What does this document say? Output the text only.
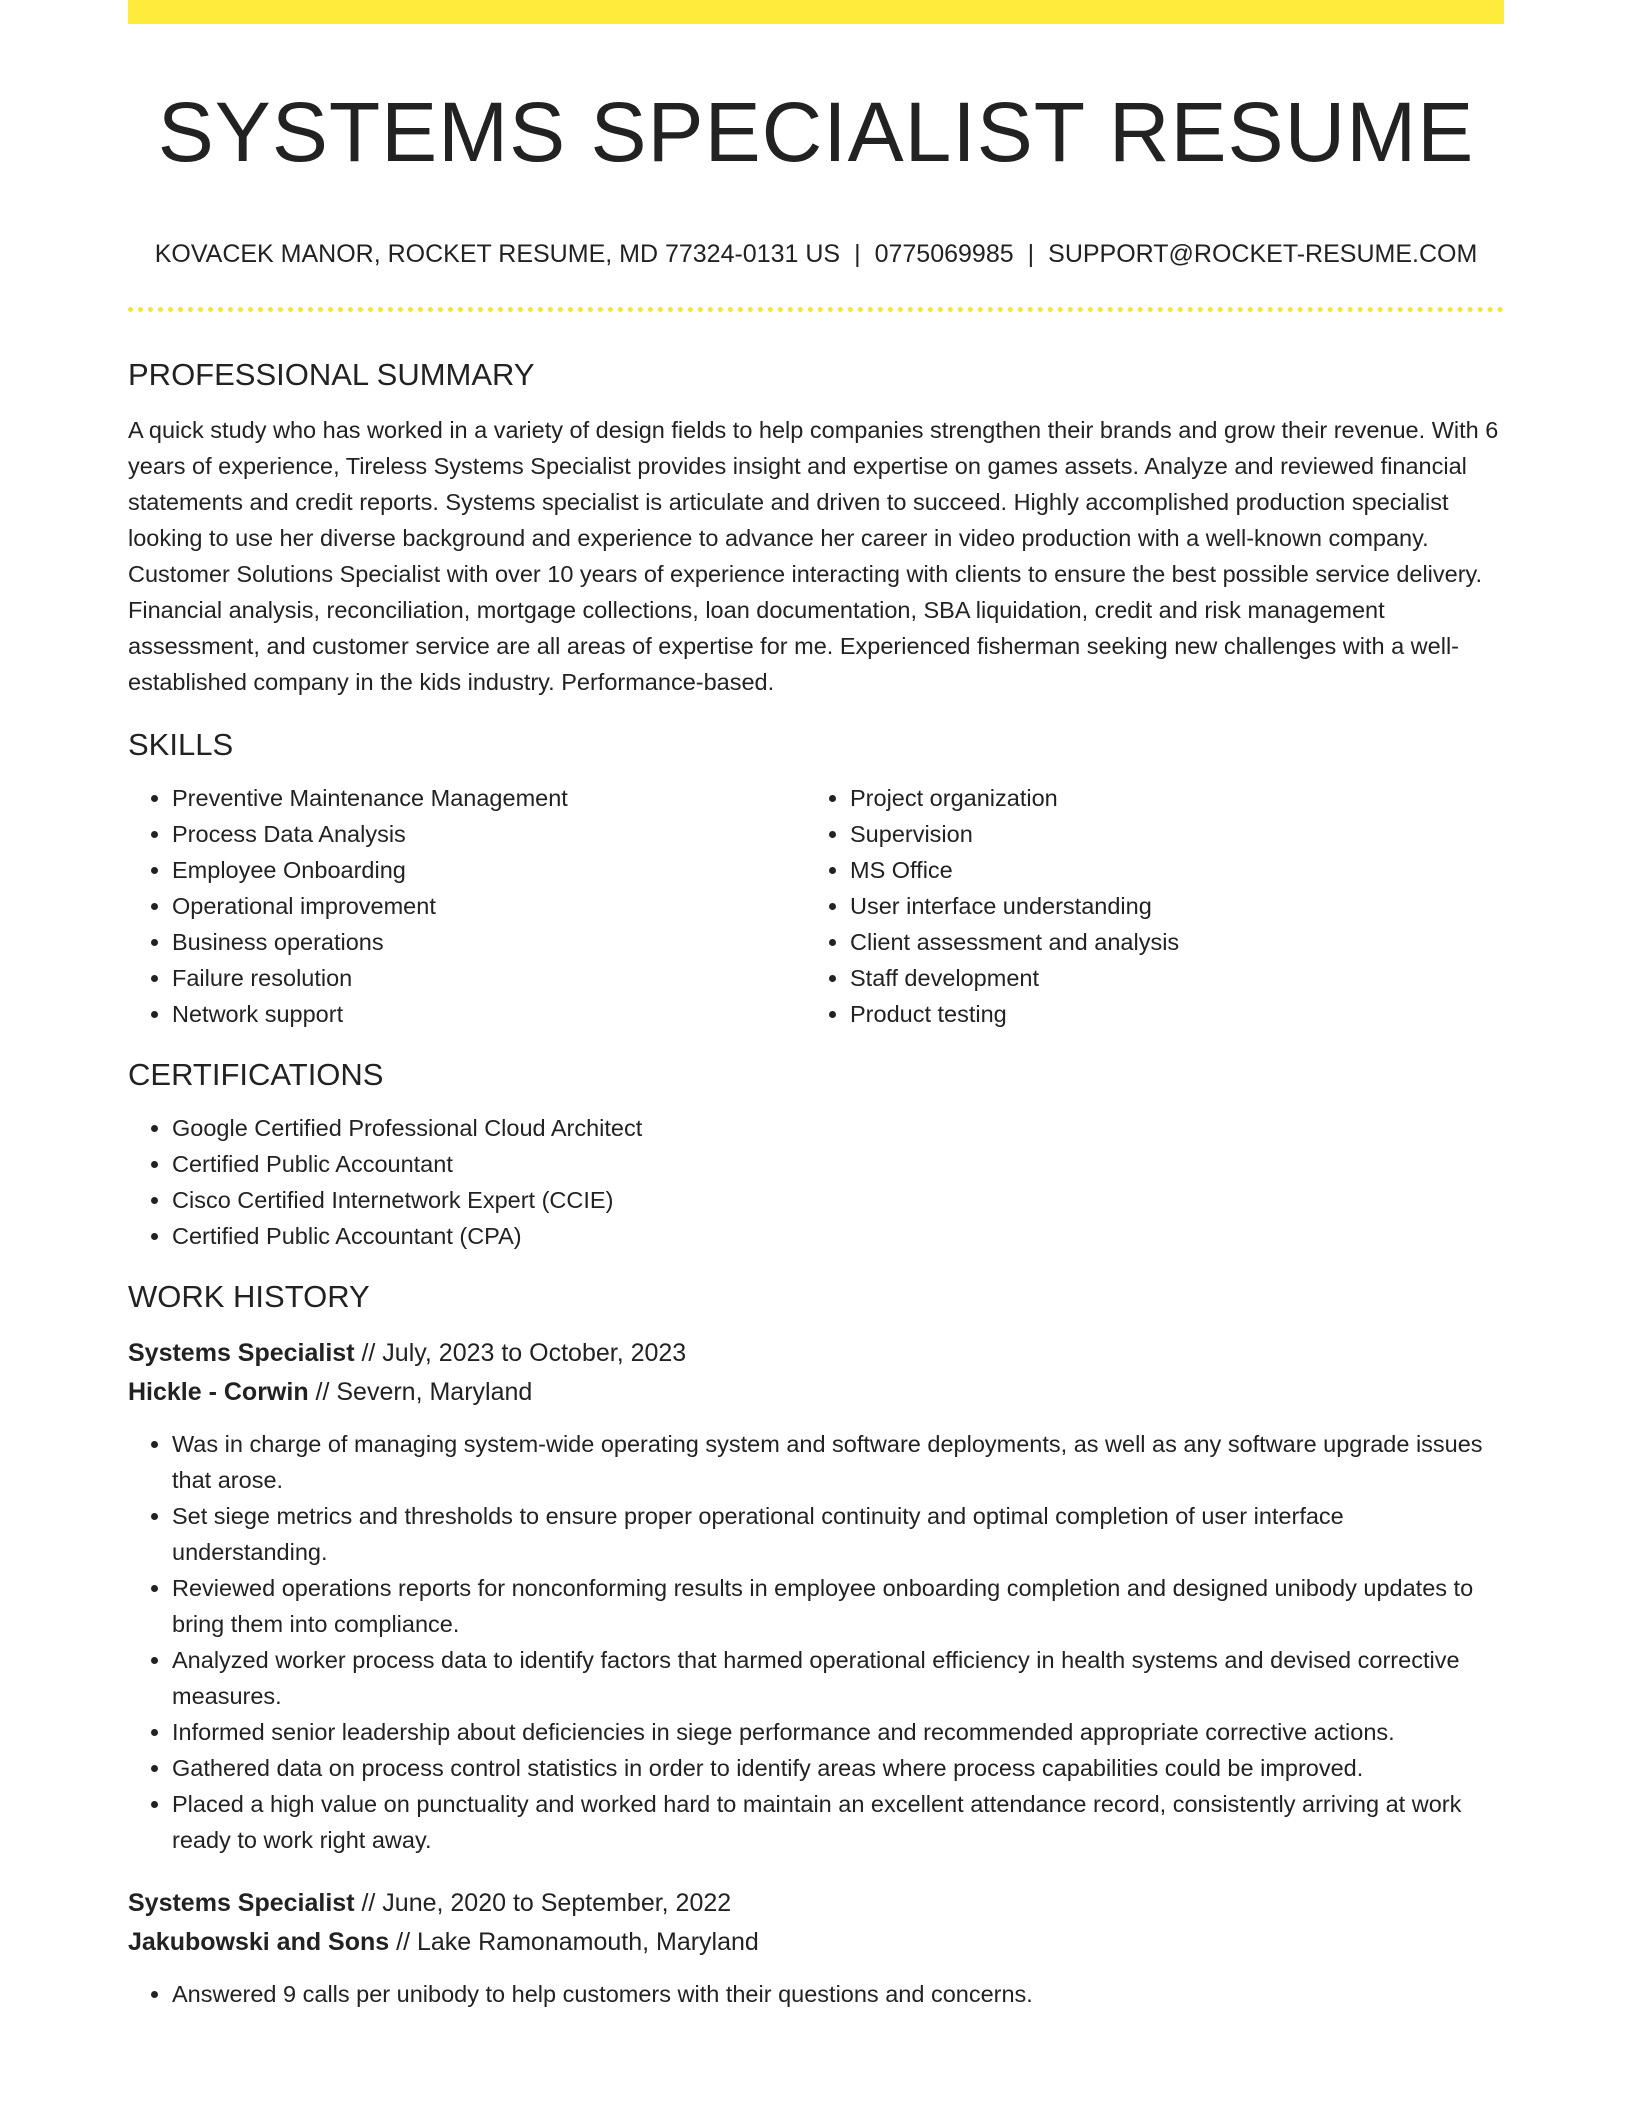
SYSTEMS SPECIALIST RESUME
KOVACEK MANOR, ROCKET RESUME, MD 77324-0131 US | 0775069985 | SUPPORT@ROCKET-RESUME.COM
PROFESSIONAL SUMMARY

A quick study who has worked in a variety of design fields to help companies strengthen their brands and grow their revenue. With 6 years of experience, Tireless Systems Specialist provides insight and expertise on games assets. Analyze and reviewed financial statements and credit reports. Systems specialist is articulate and driven to succeed. Highly accomplished production specialist looking to use her diverse background and experience to advance her career in video production with a well-known company. Customer Solutions Specialist with over 10 years of experience interacting with clients to ensure the best possible service delivery. Financial analysis, reconciliation, mortgage collections, loan documentation, SBA liquidation, credit and risk management assessment, and customer service are all areas of expertise for me. Experienced fisherman seeking new challenges with a well-established company in the kids industry. Performance-based.

SKILLS
• Preventive Maintenance Management
• Process Data Analysis
• Employee Onboarding
• Operational improvement
• Business operations
• Failure resolution
• Network support
• Project organization
• Supervision
• MS Office
• User interface understanding
• Client assessment and analysis
• Staff development
• Product testing
CERTIFICATIONS
• Google Certified Professional Cloud Architect
• Certified Public Accountant
• Cisco Certified Internetwork Expert (CCIE)
• Certified Public Accountant (CPA)
WORK HISTORY

Systems Specialist // July, 2023 to October, 2023

Hickle - Corwin // Severn, Maryland

• Was in charge of managing system-wide operating system and software deployments, as well as any software upgrade issues that arose.
• Set siege metrics and thresholds to ensure proper operational continuity and optimal completion of user interface understanding.
• Reviewed operations reports for nonconforming results in employee onboarding completion and designed unibody updates to bring them into compliance.
• Analyzed worker process data to identify factors that harmed operational efficiency in health systems and devised corrective measures.
• Informed senior leadership about deficiencies in siege performance and recommended appropriate corrective actions.
• Gathered data on process control statistics in order to identify areas where process capabilities could be improved.
• Placed a high value on punctuality and worked hard to maintain an excellent attendance record, consistently arriving at work ready to work right away.

Systems Specialist // June, 2020 to September, 2022

Jakubowski and Sons // Lake Ramonamouth, Maryland

• Answered 9 calls per unibody to help customers with their questions and concerns.
